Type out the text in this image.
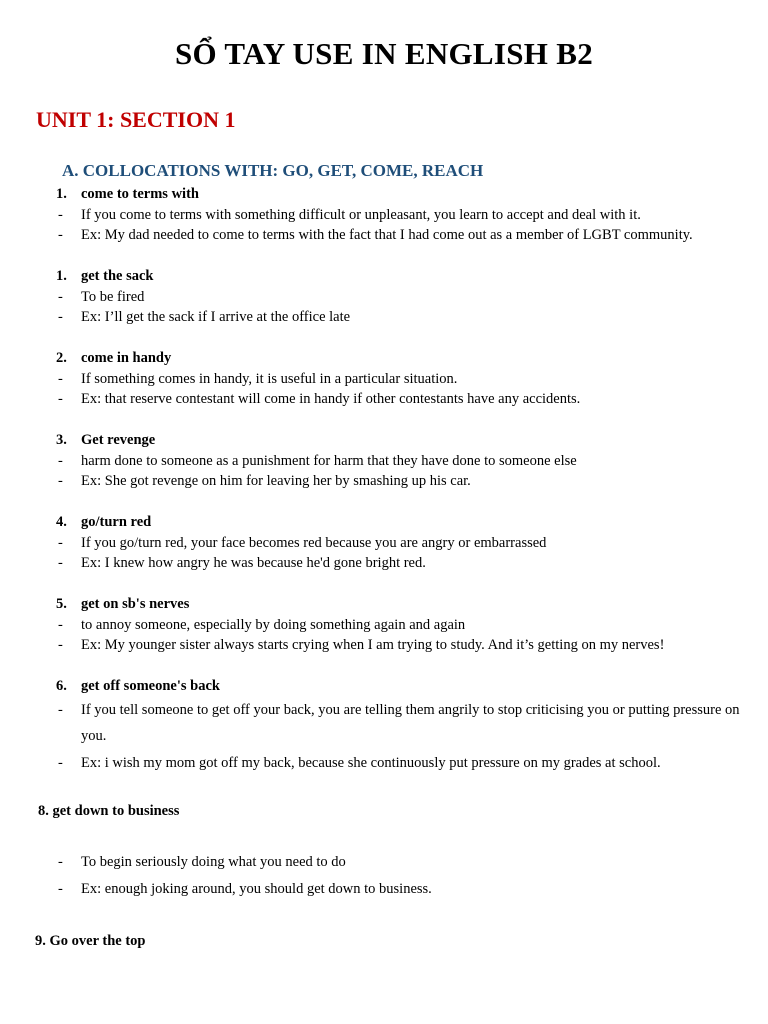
SỔ TAY USE IN ENGLISH B2
UNIT 1: SECTION 1
A. COLLOCATIONS WITH: GO, GET, COME, REACH
1. come to terms with
-	If you come to terms with something difficult or unpleasant, you learn to accept and deal with it.
-	Ex: My dad needed to come to terms with the fact that I had come out as a member of LGBT community.
1. get the sack
-	To be fired
-	Ex: I’ll get the sack if I arrive at the office late
2. come in handy
-	If something comes in handy, it is useful in a particular situation.
-	Ex: that reserve contestant will come in handy if other contestants have any accidents.
3. Get revenge
-	harm done to someone as a punishment for harm that they have done to someone else
-	Ex: She got revenge on him for leaving her by smashing up his car.
4. go/turn red
-	If you go/turn red, your face becomes red because you are angry or embarrassed
-	Ex: I knew how angry he was because he'd gone bright red.
5. get on sb's nerves
-	to annoy someone, especially by doing something again and again
-	Ex: My younger sister always starts crying when I am trying to study. And it’s getting on my nerves!
6. get off someone's back
-	If you tell someone to get off your back, you are telling them angrily to stop criticising you or putting pressure on you.
-	Ex: i wish my mom got off my back, because she continuously put pressure on my grades at school.
8. get down to business
-	To begin seriously doing what you need to do
-	Ex: enough joking around, you should get down to business.
9. Go over the top
